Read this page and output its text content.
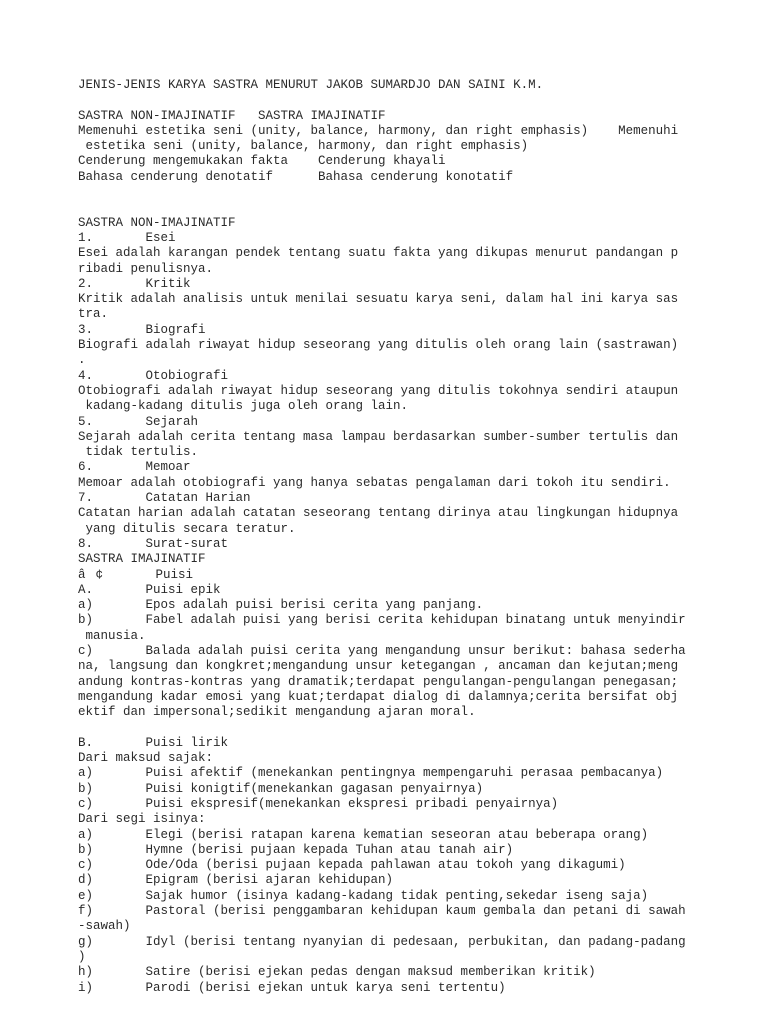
JENIS-JENIS KARYA SASTRA MENURUT JAKOB SUMARDJO DAN SAINI K.M.
SASTRA NON-IMAJINATIF   SASTRA IMAJINATIF
Memenuhi estetika seni (unity, balance, harmony, dan right emphasis)    Memenuhi
estetika seni (unity, balance, harmony, dan right emphasis)
Cenderung mengemukakan fakta    Cenderung khayali
Bahasa cenderung denotatif      Bahasa cenderung konotatif
SASTRA NON-IMAJINATIF
1.       Esei
Esei adalah karangan pendek tentang suatu fakta yang dikupas menurut pandangan p
ribadi penulisnya.
2.       Kritik
Kritik adalah analisis untuk menilai sesuatu karya seni, dalam hal ini karya sas
tra.
3.       Biografi
Biografi adalah riwayat hidup seseorang yang ditulis oleh orang lain (sastrawan)
.
4.       Otobiografi
Otobiografi adalah riwayat hidup seseorang yang ditulis tokohnya sendiri ataupun
kadang-kadang ditulis juga oleh orang lain.
5.       Sejarah
Sejarah adalah cerita tentang masa lampau berdasarkan sumber-sumber tertulis dan
tidak tertulis.
6.       Memoar
Memoar adalah otobiografi yang hanya sebatas pengalaman dari tokoh itu sendiri.
7.       Catatan Harian
Catatan harian adalah catatan seseorang tentang dirinya atau lingkungan hidupnya
yang ditulis secara teratur.
8.       Surat-surat
SASTRA IMAJINATIF
â¢       Puisi
A.       Puisi epik
a)       Epos adalah puisi berisi cerita yang panjang.
b)       Fabel adalah puisi yang berisi cerita kehidupan binatang untuk menyindir
manusia.
c)       Balada adalah puisi cerita yang mengandung unsur berikut: bahasa sederha
na, langsung dan kongkret;mengandung unsur ketegangan , ancaman dan kejutan;meng
andung kontras-kontras yang dramatik;terdapat pengulangan-pengulangan penegasan;
mengandung kadar emosi yang kuat;terdapat dialog di dalamnya;cerita bersifat obj
ektif dan impersonal;sedikit mengandung ajaran moral.
B.       Puisi lirik
Dari maksud sajak:
a)       Puisi afektif (menekankan pentingnya mempengaruhi perasaa pembacanya)
b)       Puisi konigtif(menekankan gagasan penyairnya)
c)       Puisi ekspresif(menekankan ekspresi pribadi penyairnya)
Dari segi isinya:
a)       Elegi (berisi ratapan karena kematian seseoran atau beberapa orang)
b)       Hymne (berisi pujaan kepada Tuhan atau tanah air)
c)       Ode/Oda (berisi pujaan kepada pahlawan atau tokoh yang dikagumi)
d)       Epigram (berisi ajaran kehidupan)
e)       Sajak humor (isinya kadang-kadang tidak penting,sekedar iseng saja)
f)       Pastoral (berisi penggambaran kehidupan kaum gembala dan petani di sawah
-sawah)
g)       Idyl (berisi tentang nyanyian di pedesaan, perbukitan, dan padang-padang
)
h)       Satire (berisi ejekan pedas dengan maksud memberikan kritik)
i)       Parodi (berisi ejekan untuk karya seni tertentu)
